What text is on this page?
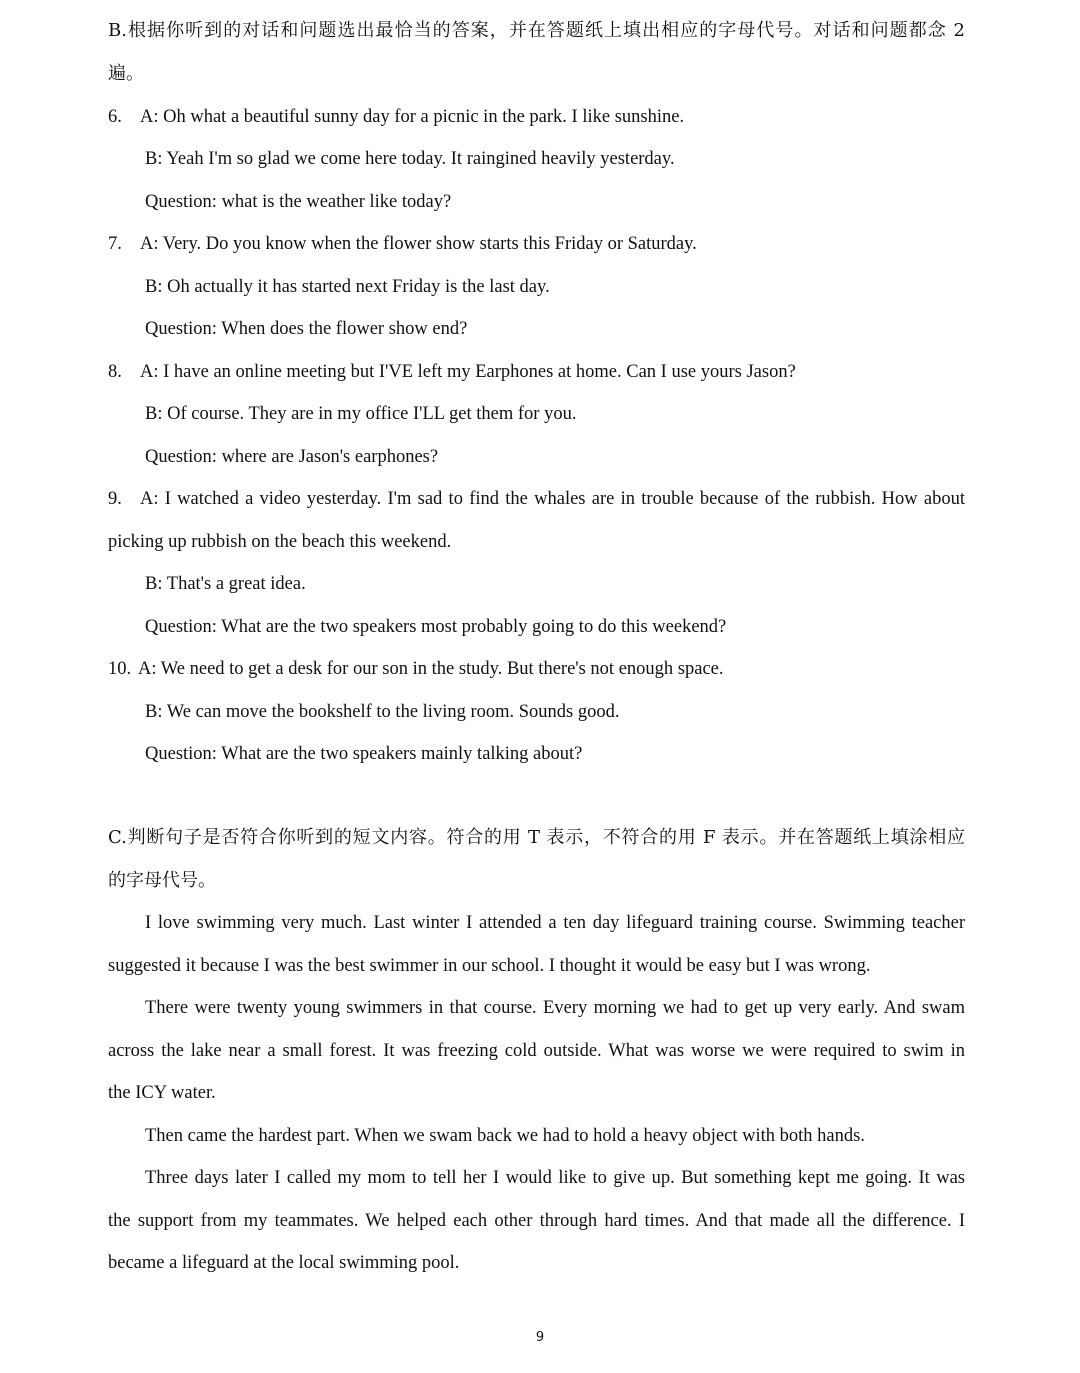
B.根据你听到的对话和问题选出最恰当的答案，并在答题纸上填出相应的字母代号。对话和问题都念 2
遍。
6. A: Oh what a beautiful sunny day for a picnic in the park. I like sunshine.
B: Yeah I'm so glad we come here today. It raingined heavily yesterday.
Question: what is the weather like today?
7. A: Very. Do you know when the flower show starts this Friday or Saturday.
B: Oh actually it has started next Friday is the last day.
Question: When does the flower show end?
8. A: I have an online meeting but I'VE left my Earphones at home. Can I use yours Jason?
B: Of course. They are in my office I'LL get them for you.
Question: where are Jason's earphones?
9. A: I watched a video yesterday. I'm sad to find the whales are in trouble because of the rubbish. How about
picking up rubbish on the beach this weekend.
B: That's a great idea.
Question: What are the two speakers most probably going to do this weekend?
10. A: We need to get a desk for our son in the study. But there's not enough space.
B: We can move the bookshelf to the living room. Sounds good.
Question: What are the two speakers mainly talking about?
C.判断句子是否符合你听到的短文内容。符合的用 T 表示，不符合的用 F 表示。并在答题纸上填涂相应
的字母代号。
I love swimming very much. Last winter I attended a ten day lifeguard training course. Swimming teacher
suggested it because I was the best swimmer in our school. I thought it would be easy but I was wrong.
There were twenty young swimmers in that course. Every morning we had to get up very early. And swam
across the lake near a small forest. It was freezing cold outside. What was worse we were required to swim in
the ICY water.
Then came the hardest part. When we swam back we had to hold a heavy object with both hands.
Three days later I called my mom to tell her I would like to give up. But something kept me going. It was
the support from my teammates. We helped each other through hard times. And that made all the difference. I
became a lifeguard at the local swimming pool.
9
